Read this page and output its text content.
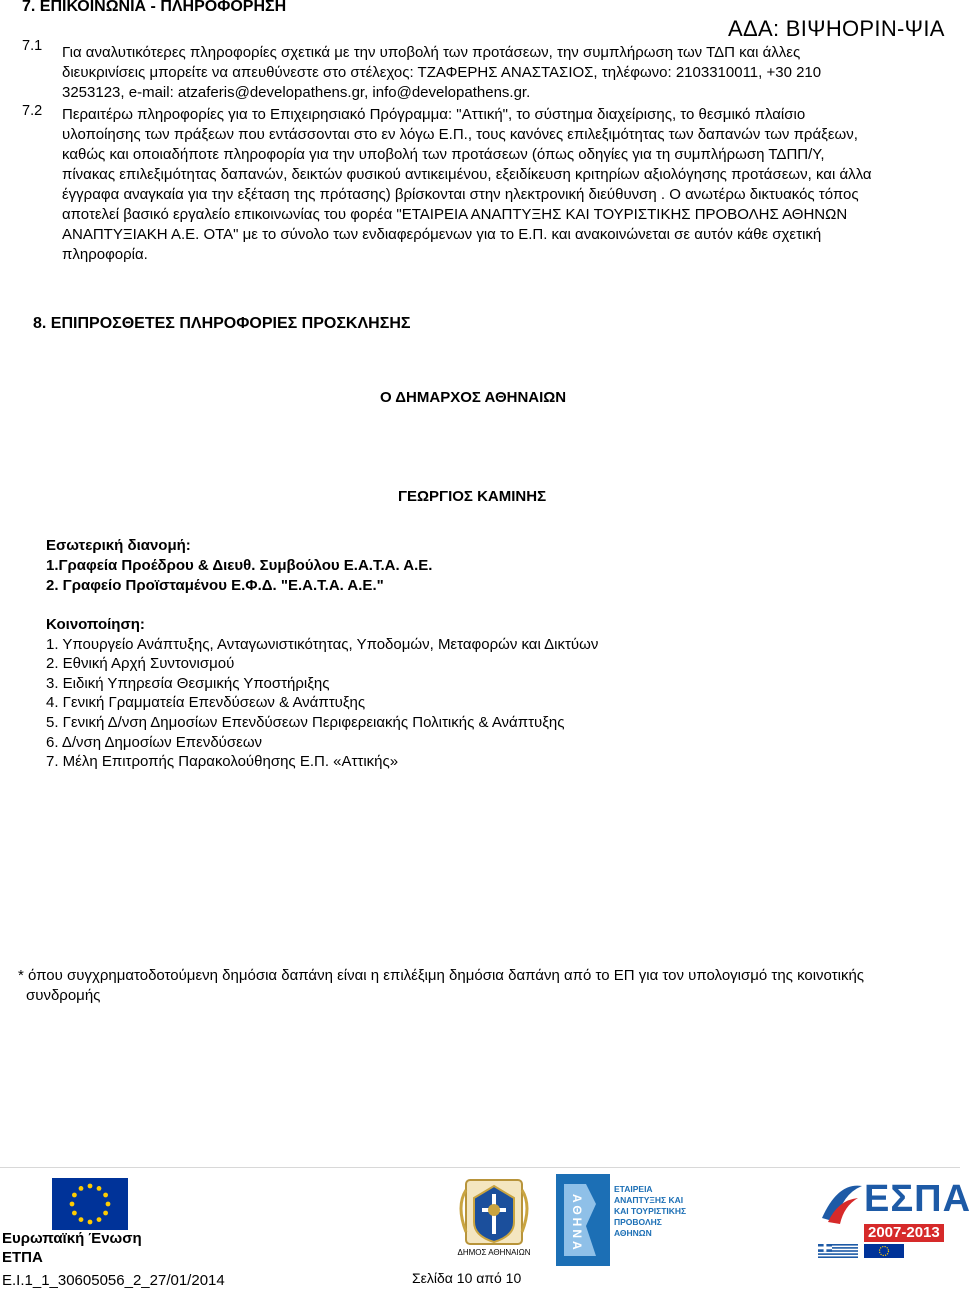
7. ΕΠΙΚΟΙΝΩΝΙΑ - ΠΛΗΡΟΦΟΡΗΣΗ
ΑΔΑ: ΒΙΨΗΟΡΙΝ-ΨΙΑ
7.1 Για αναλυτικότερες πληροφορίες σχετικά με την υποβολή των προτάσεων, την συμπλήρωση των ΤΔΠ και άλλες
διευκρινίσεις μπορείτε να απευθύνεστε στο στέλεχος: ΤΖΑΦΕΡΗΣ ΑΝΑΣΤΑΣΙΟΣ, τηλέφωνο: 2103310011, +30 210
3253123, e-mail: atzaferis@developathens.gr, info@developathens.gr.
7.2 Περαιτέρω πληροφορίες για το Επιχειρησιακό Πρόγραμμα: "Αττική", το σύστημα διαχείρισης, το θεσμικό πλαίσιο
υλοποίησης των πράξεων που εντάσσονται στο εν λόγω Ε.Π., τους κανόνες επιλεξιμότητας των δαπανών των πράξεων,
καθώς και οποιαδήποτε πληροφορία για την υποβολή των προτάσεων (όπως οδηγίες για τη συμπλήρωση ΤΔΠΠ/Υ,
πίνακας επιλεξιμότητας δαπανών, δεικτών φυσικού αντικειμένου, εξειδίκευση κριτηρίων αξιολόγησης προτάσεων, και άλλα
έγγραφα αναγκαία για την εξέταση της πρότασης) βρίσκονται στην ηλεκτρονική διεύθυνση . Ο ανωτέρω δικτυακός τόπος
αποτελεί βασικό εργαλείο επικοινωνίας του φορέα "ΕΤΑΙΡΕΙΑ ΑΝΑΠΤΥΞΗΣ ΚΑΙ ΤΟΥΡΙΣΤΙΚΗΣ ΠΡΟΒΟΛΗΣ ΑΘΗΝΩΝ
ΑΝΑΠΤΥΞΙΑΚΗ Α.Ε. ΟΤΑ" με το σύνολο των ενδιαφερόμενων για το Ε.Π. και ανακοινώνεται σε αυτόν κάθε σχετική
πληροφορία.
8. ΕΠΙΠΡΟΣΘΕΤΕΣ ΠΛΗΡΟΦΟΡΙΕΣ ΠΡΟΣΚΛΗΣΗΣ
Ο ΔΗΜΑΡΧΟΣ ΑΘΗΝΑΙΩΝ
ΓΕΩΡΓΙΟΣ ΚΑΜΙΝΗΣ
Εσωτερική διανομή:
1.Γραφεία Προέδρου & Διευθ. Συμβούλου Ε.Α.Τ.Α. Α.Ε.
2. Γραφείο Προϊσταμένου Ε.Φ.Δ. "Ε.Α.Τ.Α. Α.Ε."
Κοινοποίηση:
1. Υπουργείο Ανάπτυξης, Ανταγωνιστικότητας, Υποδομών, Μεταφορών και Δικτύων
2. Εθνική Αρχή Συντονισμού
3. Ειδική Υπηρεσία Θεσμικής Υποστήριξης
4. Γενική Γραμματεία Επενδύσεων & Ανάπτυξης
5. Γενική Δ/νση Δημοσίων Επενδύσεων Περιφερειακής Πολιτικής & Ανάπτυξης
6. Δ/νση Δημοσίων Επενδύσεων
7. Μέλη Επιτροπής Παρακολούθησης Ε.Π. «Αττικής»
* όπου συγχρηματοδοτούμενη δημόσια δαπάνη είναι η επιλέξιμη δημόσια δαπάνη από το ΕΠ για τον υπολογισμό της κοινοτικής
συνδρομής
Ευρωπαϊκή Ένωση
ΕΤΠΑ	ΔΗΜΟΣ ΑΘΗΝΑΙΩΝ	ΑΘΗΝΑ
ΕΤΑΙΡΕΙΑ
ΑΝΑΠΤΥΞΗΣ ΚΑΙ
ΚΑΙ ΤΟΥΡΙΣΤΙΚΗΣ
ΠΡΟΒΟΛΗΣ
ΑΘΗΝΩΝ
ΕΣΠΑ
2007-2013
Ε.Ι.1_1_30605056_2_27/01/2014	Σελίδα 10 από 10
